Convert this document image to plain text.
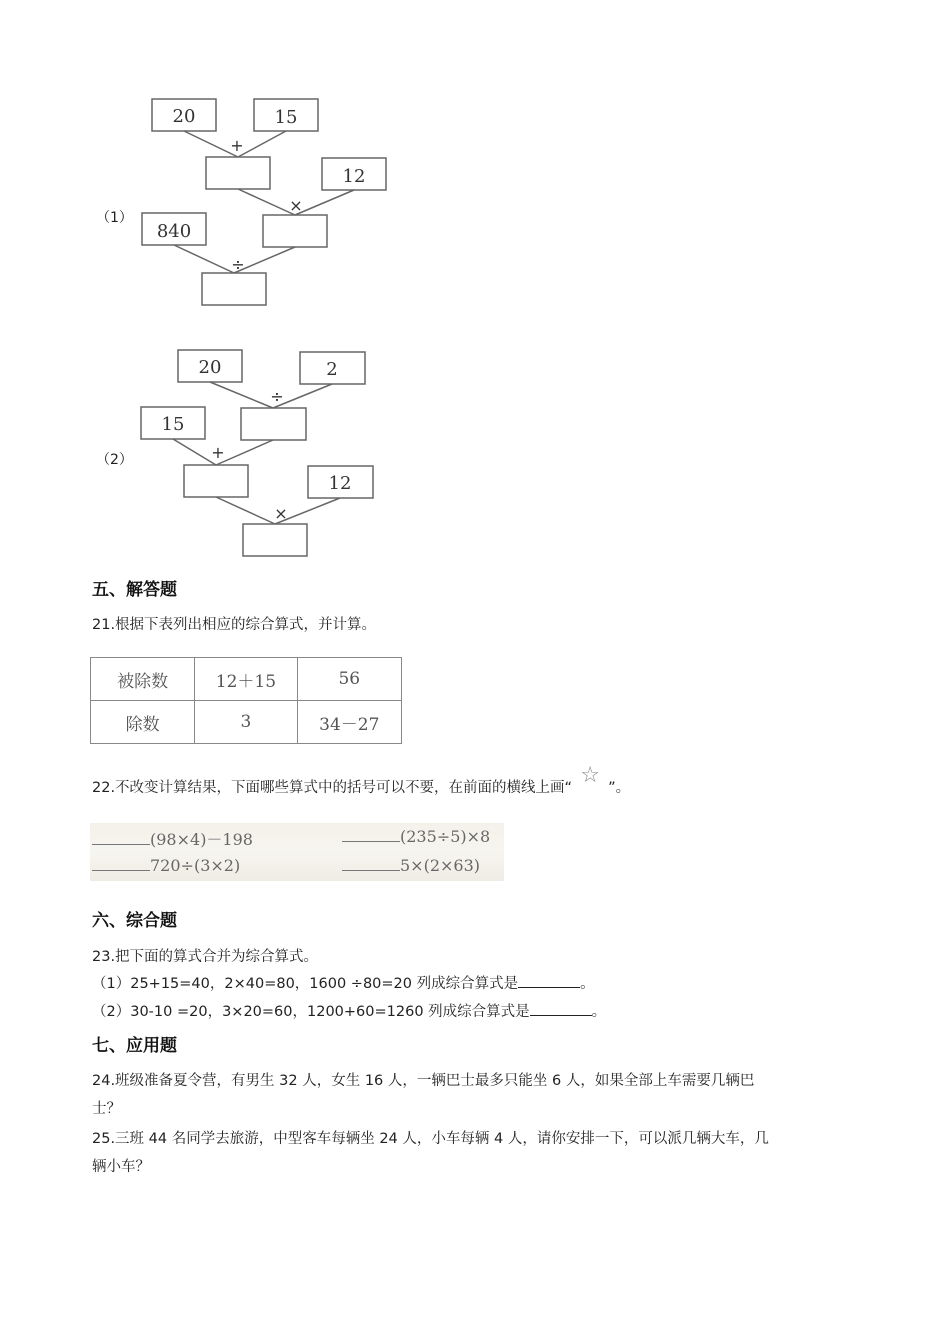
（1）
20	15
+
12
×
840
÷
（2）
20	2
÷
15
+
12
×
五、解答题
21.根据下表列出相应的综合算式，并计算。
被除数	12＋15	56
除数	3	34－27
22.不改变计算结果，下面哪些算式中的括号可以不要，在前面的横线上画“ ☆ ”。
(98×4)－198	(235÷5)×8
720÷(3×2)	5×(2×63)
六、综合题
23.把下面的算式合并为综合算式。
（1）25+15=40，2×40=80，1600 ÷80=20 列成综合算式是	。
（2）30-10 =20，3×20=60，1200+60=1260 列成综合算式是	。
七、应用题
24.班级准备夏令营，有男生 32 人，女生 16 人，一辆巴士最多只能坐 6 人，如果全部上车需要几辆巴
士？
25.三班 44 名同学去旅游，中型客车每辆坐 24 人，小车每辆 4 人，请你安排一下，可以派几辆大车，几
辆小车？
